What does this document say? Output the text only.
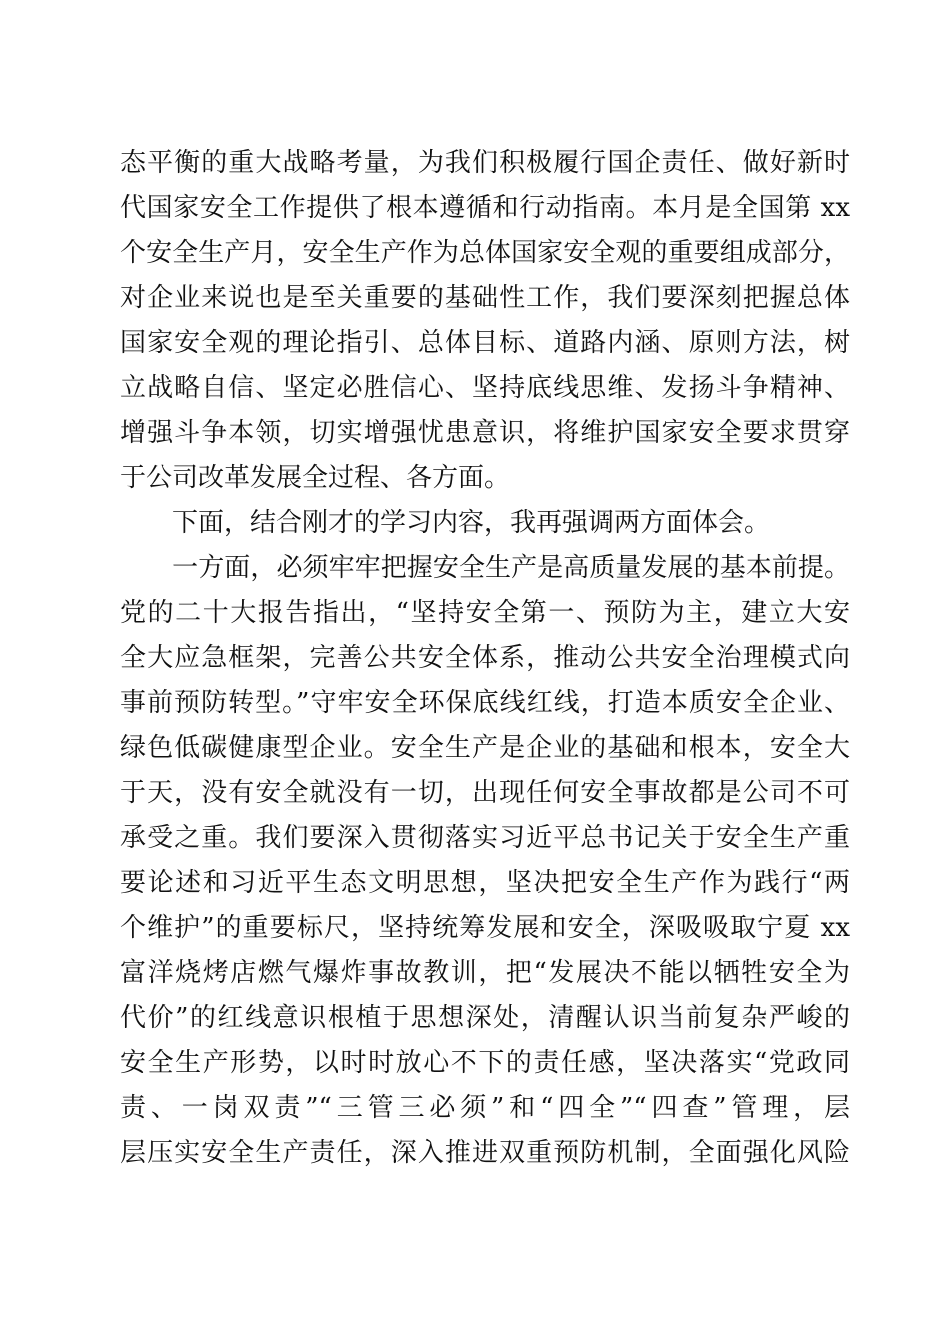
态平衡的重大战略考量，为我们积极履行国企责任、做好新时
代国家安全工作提供了根本遵循和行动指南。本月是全国第 xx
个安全生产月，安全生产作为总体国家安全观的重要组成部分，
对企业来说也是至关重要的基础性工作，我们要深刻把握总体
国家安全观的理论指引、总体目标、道路内涵、原则方法，树
立战略自信、坚定必胜信心、坚持底线思维、发扬斗争精神、
增强斗争本领，切实增强忧患意识，将维护国家安全要求贯穿
于公司改革发展全过程、各方面。
　　下面，结合刚才的学习内容，我再强调两方面体会。
　　一方面，必须牢牢把握安全生产是高质量发展的基本前提。
党的二十大报告指出，“坚持安全第一、预防为主，建立大安
全大应急框架，完善公共安全体系，推动公共安全治理模式向
事前预防转型。”守牢安全环保底线红线，打造本质安全企业、
绿色低碳健康型企业。安全生产是企业的基础和根本，安全大
于天，没有安全就没有一切，出现任何安全事故都是公司不可
承受之重。我们要深入贯彻落实习近平总书记关于安全生产重
要论述和习近平生态文明思想，坚决把安全生产作为践行“两
个维护”的重要标尺，坚持统筹发展和安全，深吸吸取宁夏 xx
富洋烧烤店燃气爆炸事故教训，把“发展决不能以牺牲安全为
代价”的红线意识根植于思想深处，清醒认识当前复杂严峻的
安全生产形势，以时时放心不下的责任感，坚决落实“党政同
责、一岗双责”“三管三必须”和“四全”“四查”管理，层
层压实安全生产责任，深入推进双重预防机制，全面强化风险
